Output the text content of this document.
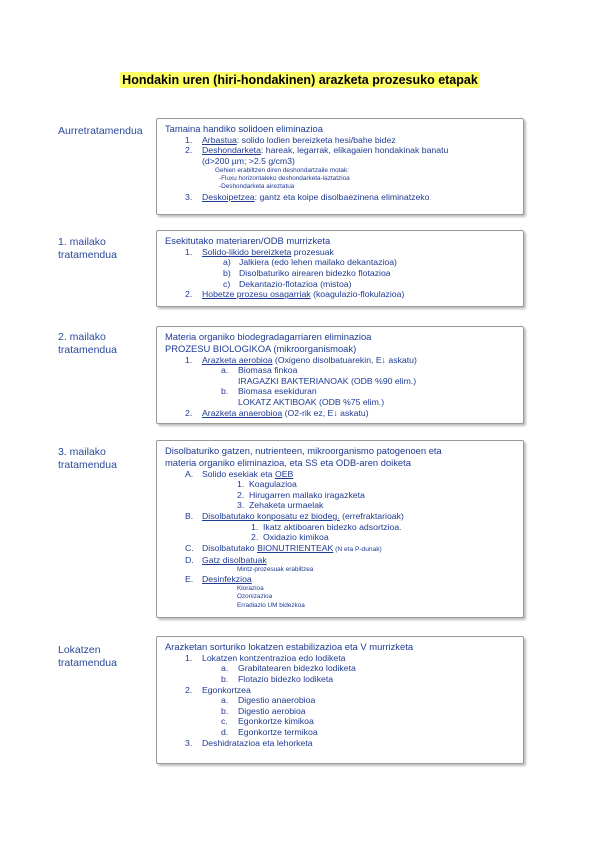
Hondakin uren (hiri-hondakinen) arazketa prozesuko etapak
Aurretratamendua	Tamaina handiko solidoen eliminazioa
1. Arbastua: solido lodien bereizketa hesi/bahe bidez
2. Deshondarketa: hareak, legarrak, elikagaien hondakinak banatu
(d>200 µm; >2.5 g/cm3)
Gehien erabiltzen diren deshondartzaile motak:
-Fluxu horizontaleko deshondarketa-laztatzioa
-Deshondarketa aireztatua
3. Deskoipetzea: gantz eta koipe disolbaezinena eliminatzeko
1. mailako
tratamendua
Esekitutako materiaren/ODB murrizketa
1. Solido-likido bereizketa prozesuak
a) Jalkiera (edo lehen mailako dekantazioa)
b) Disolbaturiko airearen bidezko flotazioa
c) Dekantazio-flotazioa (mistoa)
2. Hobetze prozesu osagarriak (koagulazio-flokulazioa)
2. mailako
tratamendua
Materia organiko biodegradagarriaren eliminazioa
PROZESU BIOLOGIKOA (mikroorganismoak)
1. Arazketa aerobioa (Oxigeno disolbatuarekin, E↓ askatu)
a. Biomasa finkoa
IRAGAZKI BAKTERIANOAK (ODB %90 elim.)
b. Biomasa esekiduran
LOKATZ AKTIBOAK (ODB %75 elim.)
2. Arazketa anaerobioa (O2-rik ez, E↓ askatu)
3. mailako
tratamendua
Disolbaturiko gatzen, nutrienteen, mikroorganismo patogenoen eta
materia organiko eliminazioa, eta SS eta ODB-aren doiketa
A. Solido esekiak eta OEB
1. Koagulazioa
2. Hirugarren mailako iragazketa
3. Zehaketa urmaelak
B. Disolbatutako konposatu ez biodeg. (errefraktarioak)
1. Ikatz aktiboaren bidezko adsortzioa.
2. Oxidazio kimikoa
C. Disolbatutako BIONUTRIENTEAK (N eta P-dunak)
D. Gatz disolbatuak
Mintz-prozesuak erabiltzea
E. Desinfekzioa
Klorazioa
Ozonizazioa
Erradiazio UM bidezkoa
Lokatzen
tratamendua
Arazketan sorturiko lokatzen estabilizazioa eta V murrizketa
1. Lokatzen kontzentrazioa edo lodiketa
a. Grabitatearen bidezko lodiketa
b. Flotazio bidezko lodiketa
2. Egonkortzea
a. Digestio anaerobioa
b. Digestio aerobioa
c. Egonkortze kimikoa
d. Egonkortze termikoa
3. Deshidratazioa eta lehorketa
